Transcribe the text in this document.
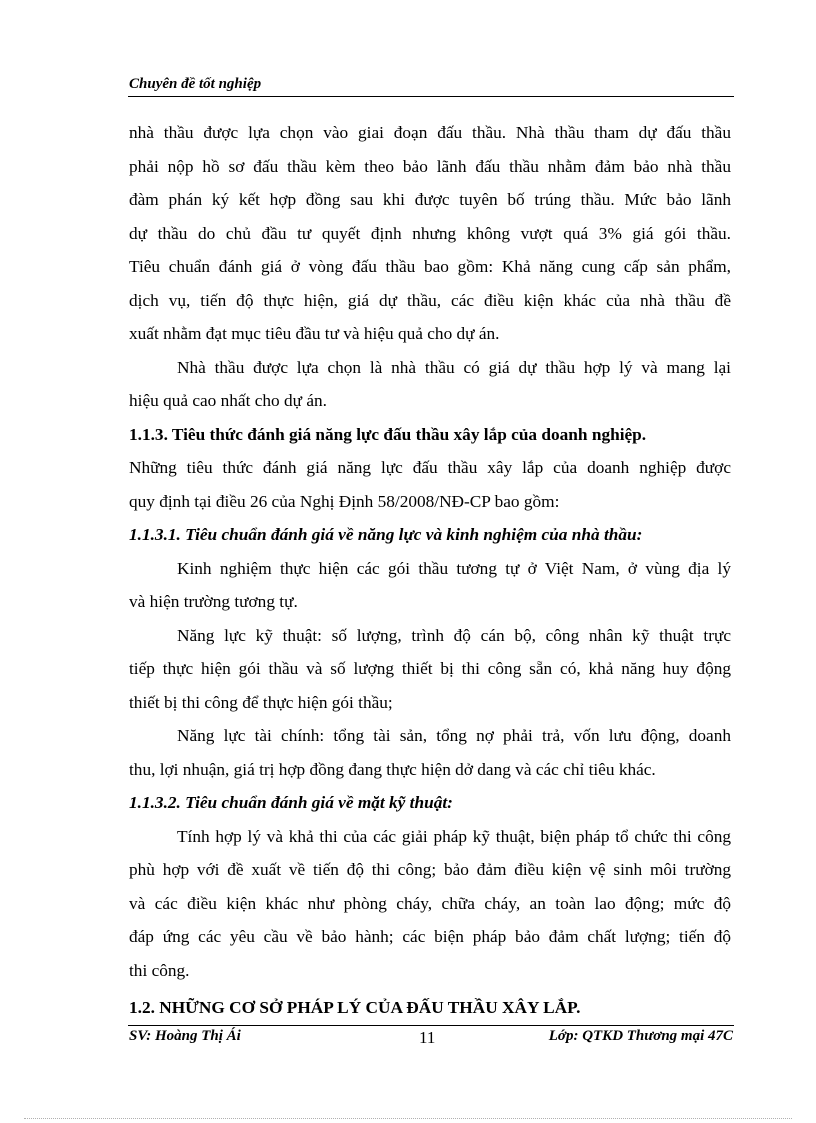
Chuyên đề tốt nghiệp

nhà thầu được lựa chọn vào giai đoạn đấu thầu. Nhà thầu tham dự đấu thầu

phải nộp hồ sơ đấu thầu kèm theo bảo lãnh đấu thầu nhằm đảm bảo nhà thầu

đàm phán ký kết hợp đồng sau khi được tuyên bố trúng thầu. Mức bảo lãnh

dự thầu do chủ đầu tư quyết định nhưng không vượt quá 3% giá gói thầu.

Tiêu chuẩn đánh giá ở vòng đấu thầu bao gồm: Khả năng cung cấp sản phẩm,

dịch vụ, tiến độ thực hiện, giá dự thầu, các điều kiện khác của nhà thầu đề

xuất nhằm đạt mục tiêu đầu tư và hiệu quả cho dự án.

Nhà thầu được lựa chọn là nhà thầu có giá dự thầu hợp lý và mang lại

hiệu quả cao nhất cho dự án.

1.1.3. Tiêu thức đánh giá năng lực đấu thầu xây lắp của doanh nghiệp.

Những tiêu thức đánh giá năng lực đấu thầu xây lắp của doanh nghiệp được

quy định tại điều 26 của Nghị Định 58/2008/NĐ-CP bao gồm:

1.1.3.1. Tiêu chuẩn đánh giá về năng lực và kinh nghiệm của nhà thầu:

Kinh nghiệm thực hiện các gói thầu tương tự ở Việt Nam, ở vùng địa lý

và hiện trường tương tự.

Năng lực kỹ thuật: số lượng, trình độ cán bộ, công nhân kỹ thuật trực

tiếp thực hiện gói thầu và số lượng thiết bị thi công sẵn có, khả năng huy động

thiết bị thi công để thực hiện gói thầu;

Năng lực tài chính: tổng tài sản, tổng nợ phải trả, vốn lưu động, doanh

thu, lợi nhuận, giá trị hợp đồng đang thực hiện dở dang và các chỉ tiêu khác.

1.1.3.2. Tiêu chuẩn đánh giá về mặt kỹ thuật:

Tính hợp lý và khả thi của các giải pháp kỹ thuật, biện pháp tổ chức thi công

phù hợp với đề xuất về tiến độ thi công; bảo đảm điều kiện vệ sinh môi trường

và các điều kiện khác như phòng cháy, chữa cháy, an toàn lao động; mức độ

đáp ứng các yêu cầu về bảo hành; các biện pháp bảo đảm chất lượng; tiến độ

thi công.

1.2. NHỮNG CƠ SỞ PHÁP LÝ CỦA ĐẤU THẦU XÂY LẮP.

SV: Hoàng Thị Ái	11	Lớp: QTKD Thương mại 47C
